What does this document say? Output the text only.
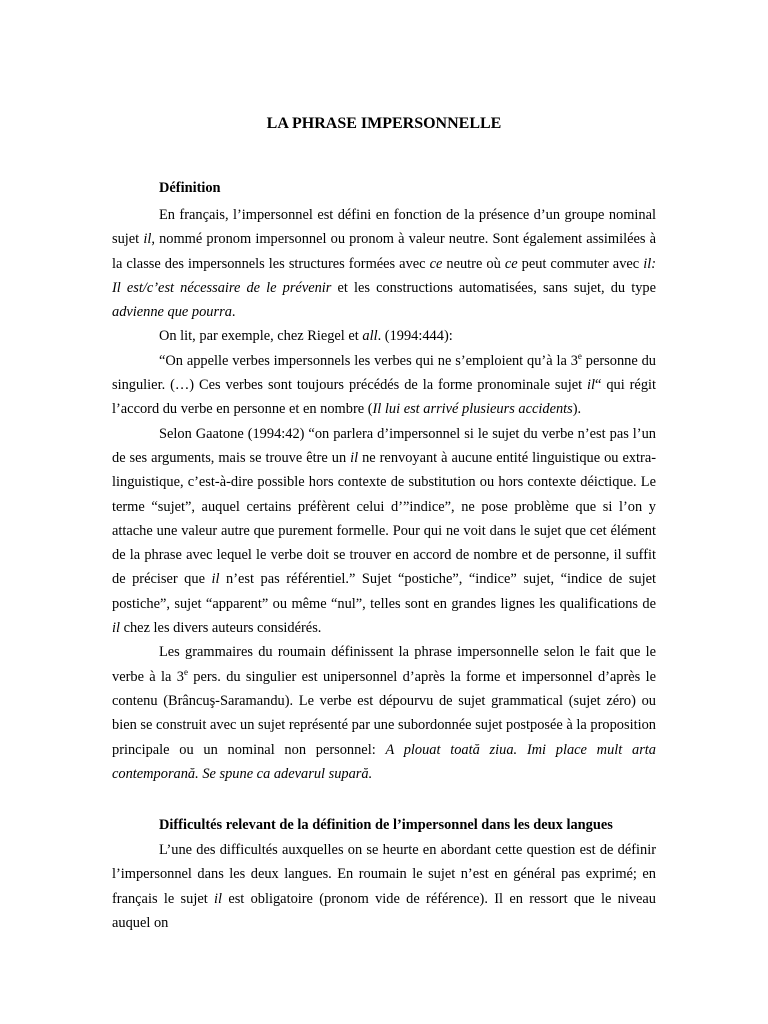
LA PHRASE IMPERSONNELLE
Définition

En français, l’impersonnel est défini en fonction de la présence d’un groupe nominal sujet il, nommé pronom impersonnel ou pronom à valeur neutre. Sont également assimilées à la classe des impersonnels les structures formées avec ce neutre où ce peut commuter avec il: Il est/c’est nécessaire de le prévenir et les constructions automatisées, sans sujet, du type advienne que pourra.

On lit, par exemple, chez Riegel et all. (1994:444):

“On appelle verbes impersonnels les verbes qui ne s’emploient qu’à la 3e personne du singulier. (…) Ces verbes sont toujours précédés de la forme pronominale sujet il“ qui régit l’accord du verbe en personne et en nombre (Il lui est arrivé plusieurs accidents).

Selon Gaatone (1994:42) “on parlera d’impersonnel si le sujet du verbe n’est pas l’un de ses arguments, mais se trouve être un il ne renvoyant à aucune entité linguistique ou extra-linguistique, c’est-à-dire possible hors contexte de substitution ou hors contexte déictique. Le terme “sujet”, auquel certains préfèrent celui d’”indice”, ne pose problème que si l’on y attache une valeur autre que purement formelle. Pour qui ne voit dans le sujet que cet élément de la phrase avec lequel le verbe doit se trouver en accord de nombre et de personne, il suffit de préciser que il n’est pas référentiel.” Sujet “postiche”, “indice” sujet, “indice de sujet postiche”, sujet “apparent” ou même “nul”, telles sont en grandes lignes les qualifications de il chez les divers auteurs considérés.

Les grammaires du roumain définissent la phrase impersonnelle selon le fait que le verbe à la 3e pers. du singulier est unipersonnel d’après la forme et impersonnel d’après le contenu (Brâncuş-Saramandu). Le verbe est dépourvu de sujet grammatical (sujet zéro) ou bien se construit avec un sujet représenté par une subordonnée sujet postposée à la proposition principale ou un nominal non personnel: A plouat toată ziua. Imi place mult arta contemporană. Se spune ca adevarul supară.

Difficultés relevant de la définition de l’impersonnel dans les deux langues

L’une des difficultés auxquelles on se heurte en abordant cette question est de définir l’impersonnel dans les deux langues. En roumain le sujet n’est en général pas exprimé; en français le sujet il est obligatoire (pronom vide de référence). Il en ressort que le niveau auquel on
